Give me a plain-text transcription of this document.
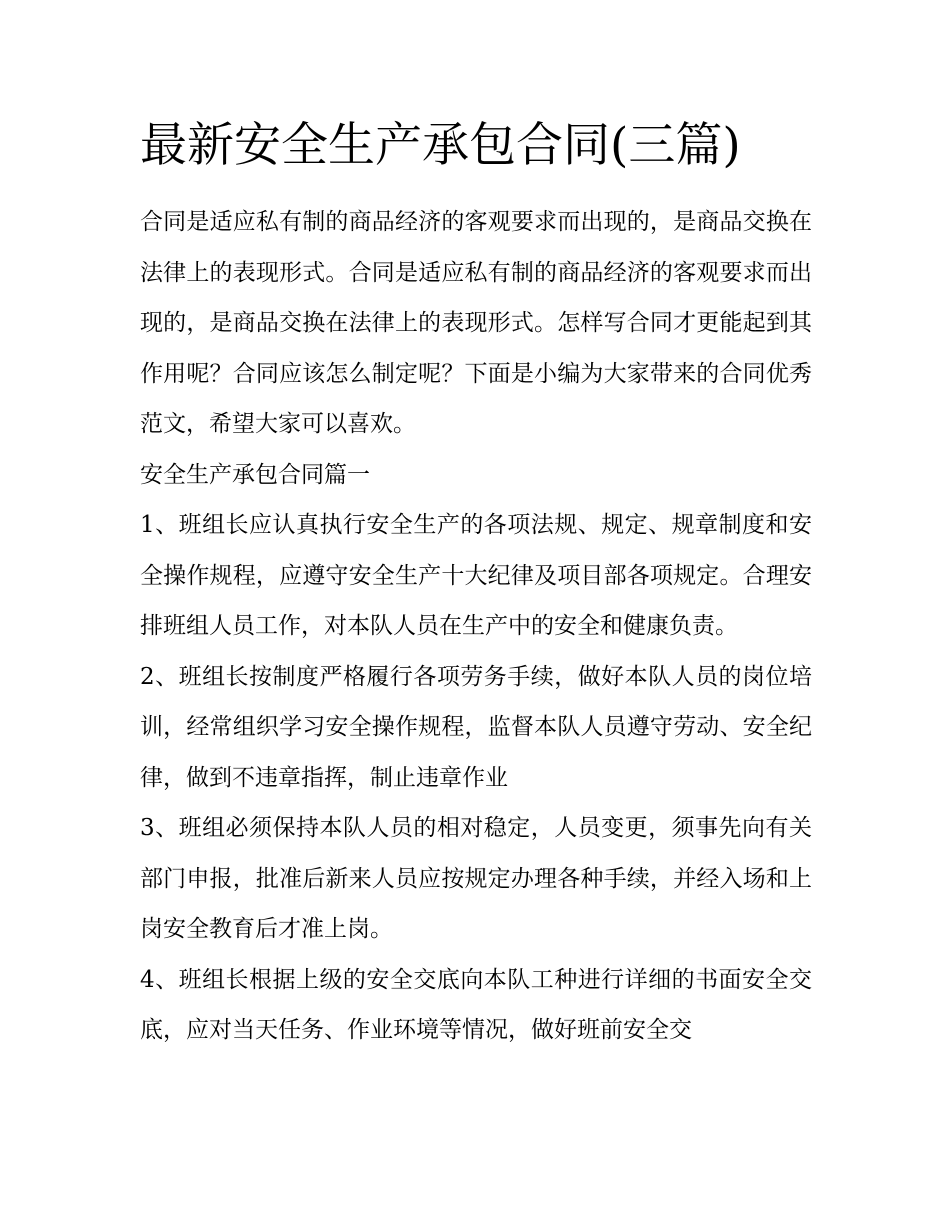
最新安全生产承包合同(三篇)

合同是适应私有制的商品经济的客观要求而出现的，是商品交换在法律上的表现形式。合同是适应私有制的商品经济的客观要求而出现的，是商品交换在法律上的表现形式。怎样写合同才更能起到其作用呢？合同应该怎么制定呢？下面是小编为大家带来的合同优秀范文，希望大家可以喜欢。

安全生产承包合同篇一

1、班组长应认真执行安全生产的各项法规、规定、规章制度和安全操作规程，应遵守安全生产十大纪律及项目部各项规定。合理安排班组人员工作，对本队人员在生产中的安全和健康负责。

2、班组长按制度严格履行各项劳务手续，做好本队人员的岗位培训，经常组织学习安全操作规程，监督本队人员遵守劳动、安全纪律，做到不违章指挥，制止违章作业

3、班组必须保持本队人员的相对稳定，人员变更，须事先向有关部门申报，批准后新来人员应按规定办理各种手续，并经入场和上岗安全教育后才准上岗。

4、班组长根据上级的安全交底向本队工种进行详细的书面安全交底，应对当天任务、作业环境等情况，做好班前安全交
